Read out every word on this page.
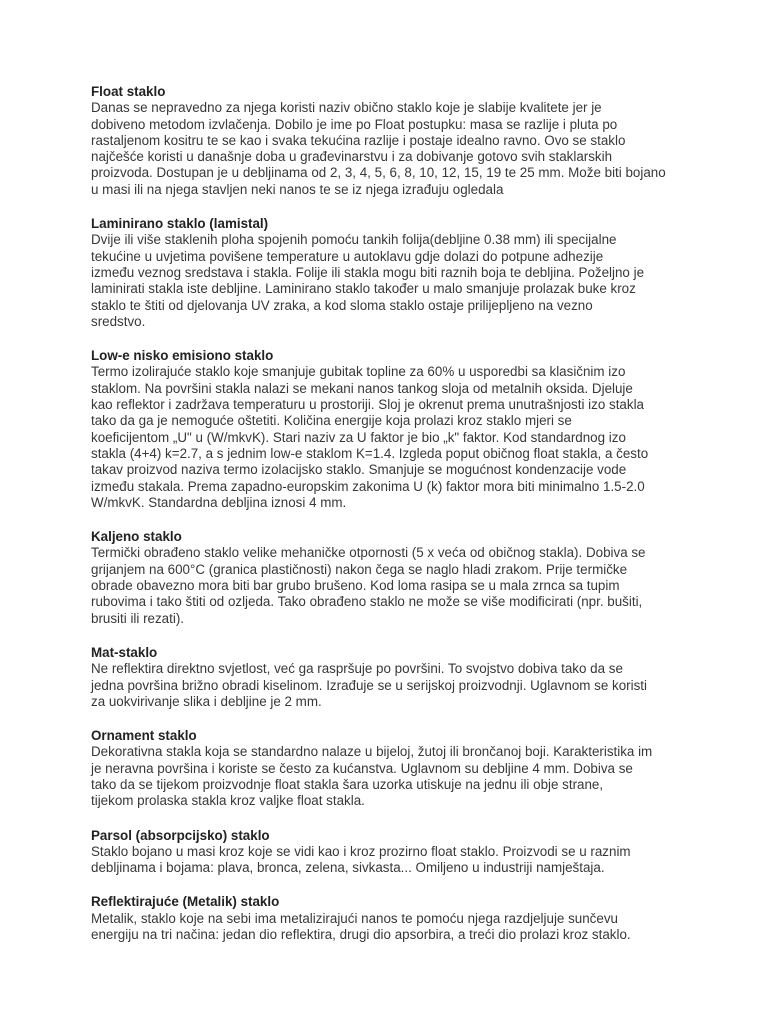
Float staklo
Danas se nepravedno za njega koristi naziv obično staklo koje je slabije kvalitete jer je
dobiveno metodom izvlačenja. Dobilo je ime po Float postupku: masa se razlije i pluta po
rastaljenom kositru te se kao i svaka tekućina razlije i postaje idealno ravno. Ovo se staklo
najčešće koristi u današnje doba u građevinarstvu i za dobivanje gotovo svih staklarskih
proizvoda. Dostupan je u debljinama od 2, 3, 4, 5, 6, 8, 10, 12, 15, 19 te 25 mm. Može biti bojano
u masi ili na njega stavljen neki nanos te se iz njega izrađuju ogledala
Laminirano staklo (lamistal)
Dvije ili više staklenih ploha spojenih pomoću tankih folija(debljine 0.38 mm) ili specijalne
tekućine u uvjetima povišene temperature u autoklavu gdje dolazi do potpune adhezije
između veznog sredstava i stakla. Folije ili stakla mogu biti raznih boja te debljina. Poželjno je
laminirati stakla iste debljine. Laminirano staklo također u malo smanjuje prolazak buke kroz
staklo te štiti od djelovanja UV zraka, a kod sloma staklo ostaje prilijepljeno na vezno
sredstvo.
Low-e nisko emisiono staklo
Termo izolirajuće staklo koje smanjuje gubitak topline za 60% u usporedbi sa klasičnim izo
staklom. Na površini stakla nalazi se mekani nanos tankog sloja od metalnih oksida. Djeluje
kao reflektor i zadržava temperaturu u prostoriji. Sloj je okrenut prema unutrašnjosti izo stakla
tako da ga je nemoguće oštetiti. Količina energije koja prolazi kroz staklo mjeri se
koeficijentom „U" u (W/mkvK). Stari naziv za U faktor je bio „k" faktor. Kod standardnog izo
stakla (4+4) k=2.7, a s jednim low-e staklom K=1.4. Izgleda poput običnog float stakla, a često
takav proizvod naziva termo izolacijsko staklo. Smanjuje se mogućnost kondenzacije vode
između stakala. Prema zapadno-europskim zakonima U (k) faktor mora biti minimalno 1.5-2.0
W/mkvK. Standardna debljina iznosi 4 mm.
Kaljeno staklo
Termički obrađeno staklo velike mehaničke otpornosti (5 x veća od običnog stakla). Dobiva se
grijanjem na 600°C (granica plastičnosti) nakon čega se naglo hladi zrakom. Prije termičke
obrade obavezno mora biti bar grubo brušeno. Kod loma rasipa se u mala zrnca sa tupim
rubovima i tako štiti od ozljeda. Tako obrađeno staklo ne može se više modificirati (npr. bušiti,
brusiti ili rezati).
Mat-staklo
Ne reflektira direktno svjetlost, već ga raspršuje po površini. To svojstvo dobiva tako da se
jedna površina brižno obradi kiselinom. Izrađuje se u serijskoj proizvodnji. Uglavnom se koristi
za uokvirivanje slika i debljine je 2 mm.
Ornament staklo
Dekorativna stakla koja se standardno nalaze u bijeloj, žutoj ili brončanoj boji. Karakteristika im
je neravna površina i koriste se često za kućanstva. Uglavnom su debljine 4 mm. Dobiva se
tako da se tijekom proizvodnje float stakla šara uzorka utiskuje na jednu ili obje strane,
tijekom prolaska stakla kroz valjke float stakla.
Parsol (absorpcijsko) staklo
Staklo bojano u masi kroz koje se vidi kao i kroz prozirno float staklo. Proizvodi se u raznim
debljinama i bojama: plava, bronca, zelena, sivkasta... Omiljeno u industriji namještaja.
Reflektirajuće (Metalik) staklo
Metalik, staklo koje na sebi ima metalizirajući nanos te pomoću njega razdjeljuje sunčevu
energiju na tri načina: jedan dio reflektira, drugi dio apsorbira, a treći dio prolazi kroz staklo.
